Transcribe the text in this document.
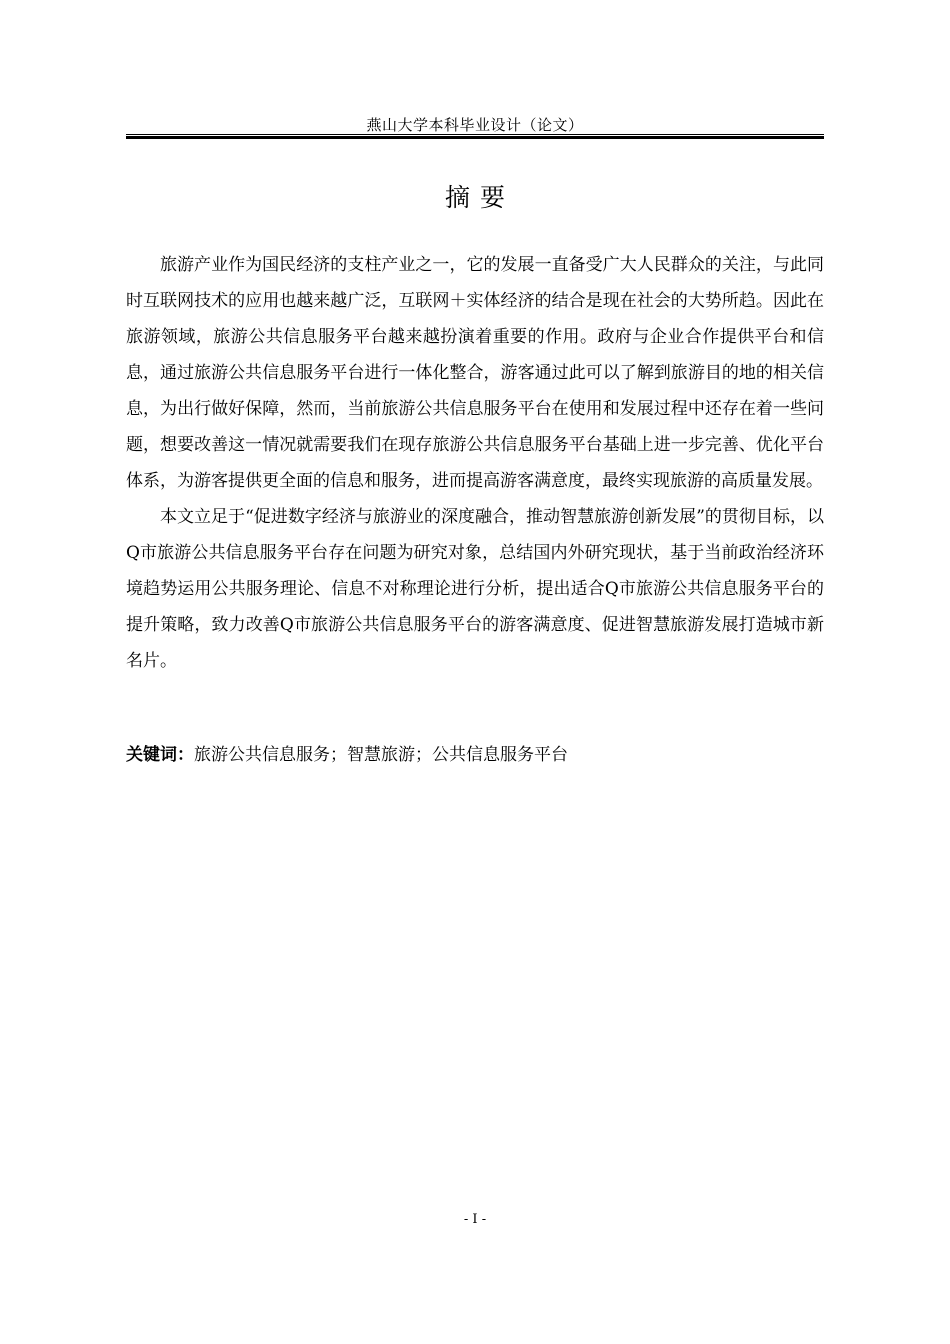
燕山大学本科毕业设计（论文）
摘要

旅游产业作为国民经济的支柱产业之一，它的发展一直备受广大人民群众的关注，与此同时互联网技术的应用也越来越广泛，互联网＋实体经济的结合是现在社会的大势所趋。因此在旅游领域，旅游公共信息服务平台越来越扮演着重要的作用。政府与企业合作提供平台和信息，通过旅游公共信息服务平台进行一体化整合，游客通过此可以了解到旅游目的地的相关信息，为出行做好保障，然而，当前旅游公共信息服务平台在使用和发展过程中还存在着一些问题，想要改善这一情况就需要我们在现存旅游公共信息服务平台基础上进一步完善、优化平台体系，为游客提供更全面的信息和服务，进而提高游客满意度，最终实现旅游的高质量发展。

本文立足于“促进数字经济与旅游业的深度融合，推动智慧旅游创新发展”的贯彻目标，以Q市旅游公共信息服务平台存在问题为研究对象，总结国内外研究现状，基于当前政治经济环境趋势运用公共服务理论、信息不对称理论进行分析，提出适合Q市旅游公共信息服务平台的提升策略，致力改善Q市旅游公共信息服务平台的游客满意度、促进智慧旅游发展打造城市新名片。

关键词：旅游公共信息服务；智慧旅游；公共信息服务平台
- I -
